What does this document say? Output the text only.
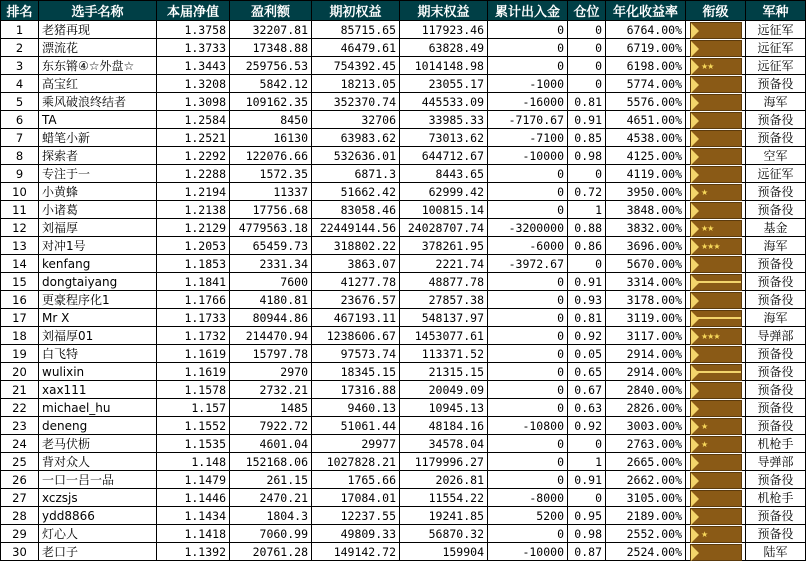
排名	选手名称	本届净值	盈利额	期初权益	期末权益	累计出入金	仓位	年化收益率	衔级	军种
1	老猪再现	1.3758	32207.81	85715.65	117923.46	0	0	6764.00%		远征军
2	漂流花	1.3733	17348.88	46479.61	63828.49	0	0	6719.00%		远征军
3	东东锵④☆外盘☆	1.3443	259756.53	754392.45	1014148.98	0	0	6198.00%	★★	远征军
4	高宝红	1.3208	5842.12	18213.05	23055.17	-1000	0	5774.00%		预备役
5	乘风破浪终结者	1.3098	109162.35	352370.74	445533.09	-16000	0.81	5576.00%		海军
6	TA	1.2584	8450	32706	33985.33	-7170.67	0.91	4651.00%		预备役
7	蜡笔小新	1.2521	16130	63983.62	73013.62	-7100	0.85	4538.00%		预备役
8	探索者	1.2292	122076.66	532636.01	644712.67	-10000	0.98	4125.00%		空军
9	专注于一	1.2288	1572.35	6871.3	8443.65	0	0	4119.00%		远征军
10	小黄蜂	1.2194	11337	51662.42	62999.42	0	0.72	3950.00%	★	预备役
11	小诸葛	1.2138	17756.68	83058.46	100815.14	0	1	3848.00%		预备役
12	刘福厚	1.2129	4779563.18	22449144.56	24028707.74	-3200000	0.88	3832.00%	★★	基金
13	对冲1号	1.2053	65459.73	318802.22	378261.95	-6000	0.86	3696.00%	★★★	海军
14	kenfang	1.1853	2331.34	3863.07	2221.74	-3972.67	0	5670.00%		预备役
15	dongtaiyang	1.1841	7600	41277.78	48877.78	0	0.91	3314.00%		预备役
16	更豪程序化1	1.1766	4180.81	23676.57	27857.38	0	0.93	3178.00%		预备役
17	Mr X	1.1733	80944.86	467193.11	548137.97	0	0.81	3119.00%		海军
18	刘福厚01	1.1732	214470.94	1238606.67	1453077.61	0	0.92	3117.00%	★★★	导弹部
19	白飞特	1.1619	15797.78	97573.74	113371.52	0	0.05	2914.00%		预备役
20	wulixin	1.1619	2970	18345.15	21315.15	0	0.65	2914.00%		预备役
21	xax111	1.1578	2732.21	17316.88	20049.09	0	0.67	2840.00%		预备役
22	michael_hu	1.157	1485	9460.13	10945.13	0	0.63	2826.00%		预备役
23	deneng	1.1552	7922.72	51061.44	48184.16	-10800	0.92	3003.00%	★	预备役
24	老马伏枥	1.1535	4601.04	29977	34578.04	0	0	2763.00%	★	机枪手
25	背对众人	1.148	152168.06	1027828.21	1179996.27	0	1	2665.00%		导弹部
26	一口一吕一品	1.1479	261.15	1765.66	2026.81	0	0.91	2662.00%		预备役
27	xczsjs	1.1446	2470.21	17084.01	11554.22	-8000	0	3105.00%		机枪手
28	ydd8866	1.1434	1804.3	12237.55	19241.85	5200	0.95	2189.00%		预备役
29	灯心人	1.1418	7060.99	49809.33	56870.32	0	0.98	2552.00%	★	预备役
30	老口子	1.1392	20761.28	149142.72	159904	-10000	0.87	2524.00%		陆军
